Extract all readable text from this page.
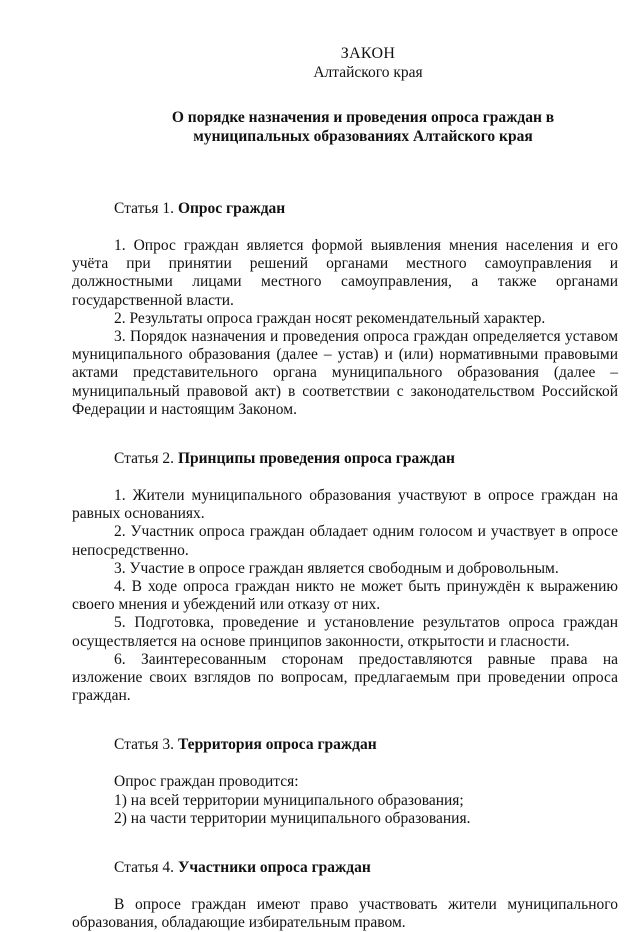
ЗАКОН

Алтайского края

О порядке назначения и проведения опроса граждан в
муниципальных образованиях Алтайского края

Статья 1. Опрос граждан

1. Опрос граждан является формой выявления мнения населения и его учёта при принятии решений органами местного самоуправления и должностными лицами местного самоуправления, а также органами государственной власти.

2. Результаты опроса граждан носят рекомендательный характер.

3. Порядок назначения и проведения опроса граждан определяется уставом муниципального образования (далее – устав) и (или) нормативными правовыми актами представительного органа муниципального образования (далее – муниципальный правовой акт) в соответствии с законодательством Российской Федерации и настоящим Законом.

Статья 2. Принципы проведения опроса граждан

1. Жители муниципального образования участвуют в опросе граждан на равных основаниях.

2. Участник опроса граждан обладает одним голосом и участвует в опросе непосредственно.

3. Участие в опросе граждан является свободным и добровольным.

4. В ходе опроса граждан никто не может быть принуждён к выражению своего мнения и убеждений или отказу от них.

5. Подготовка, проведение и установление результатов опроса граждан осуществляется на основе принципов законности, открытости и гласности.

6. Заинтересованным сторонам предоставляются равные права на изложение своих взглядов по вопросам, предлагаемым при проведении опроса граждан.

Статья 3. Территория опроса граждан

Опрос граждан проводится:

1) на всей территории муниципального образования;

2) на части территории муниципального образования.

Статья 4. Участники опроса граждан

В опросе граждан имеют право участвовать жители муниципального образования, обладающие избирательным правом.
